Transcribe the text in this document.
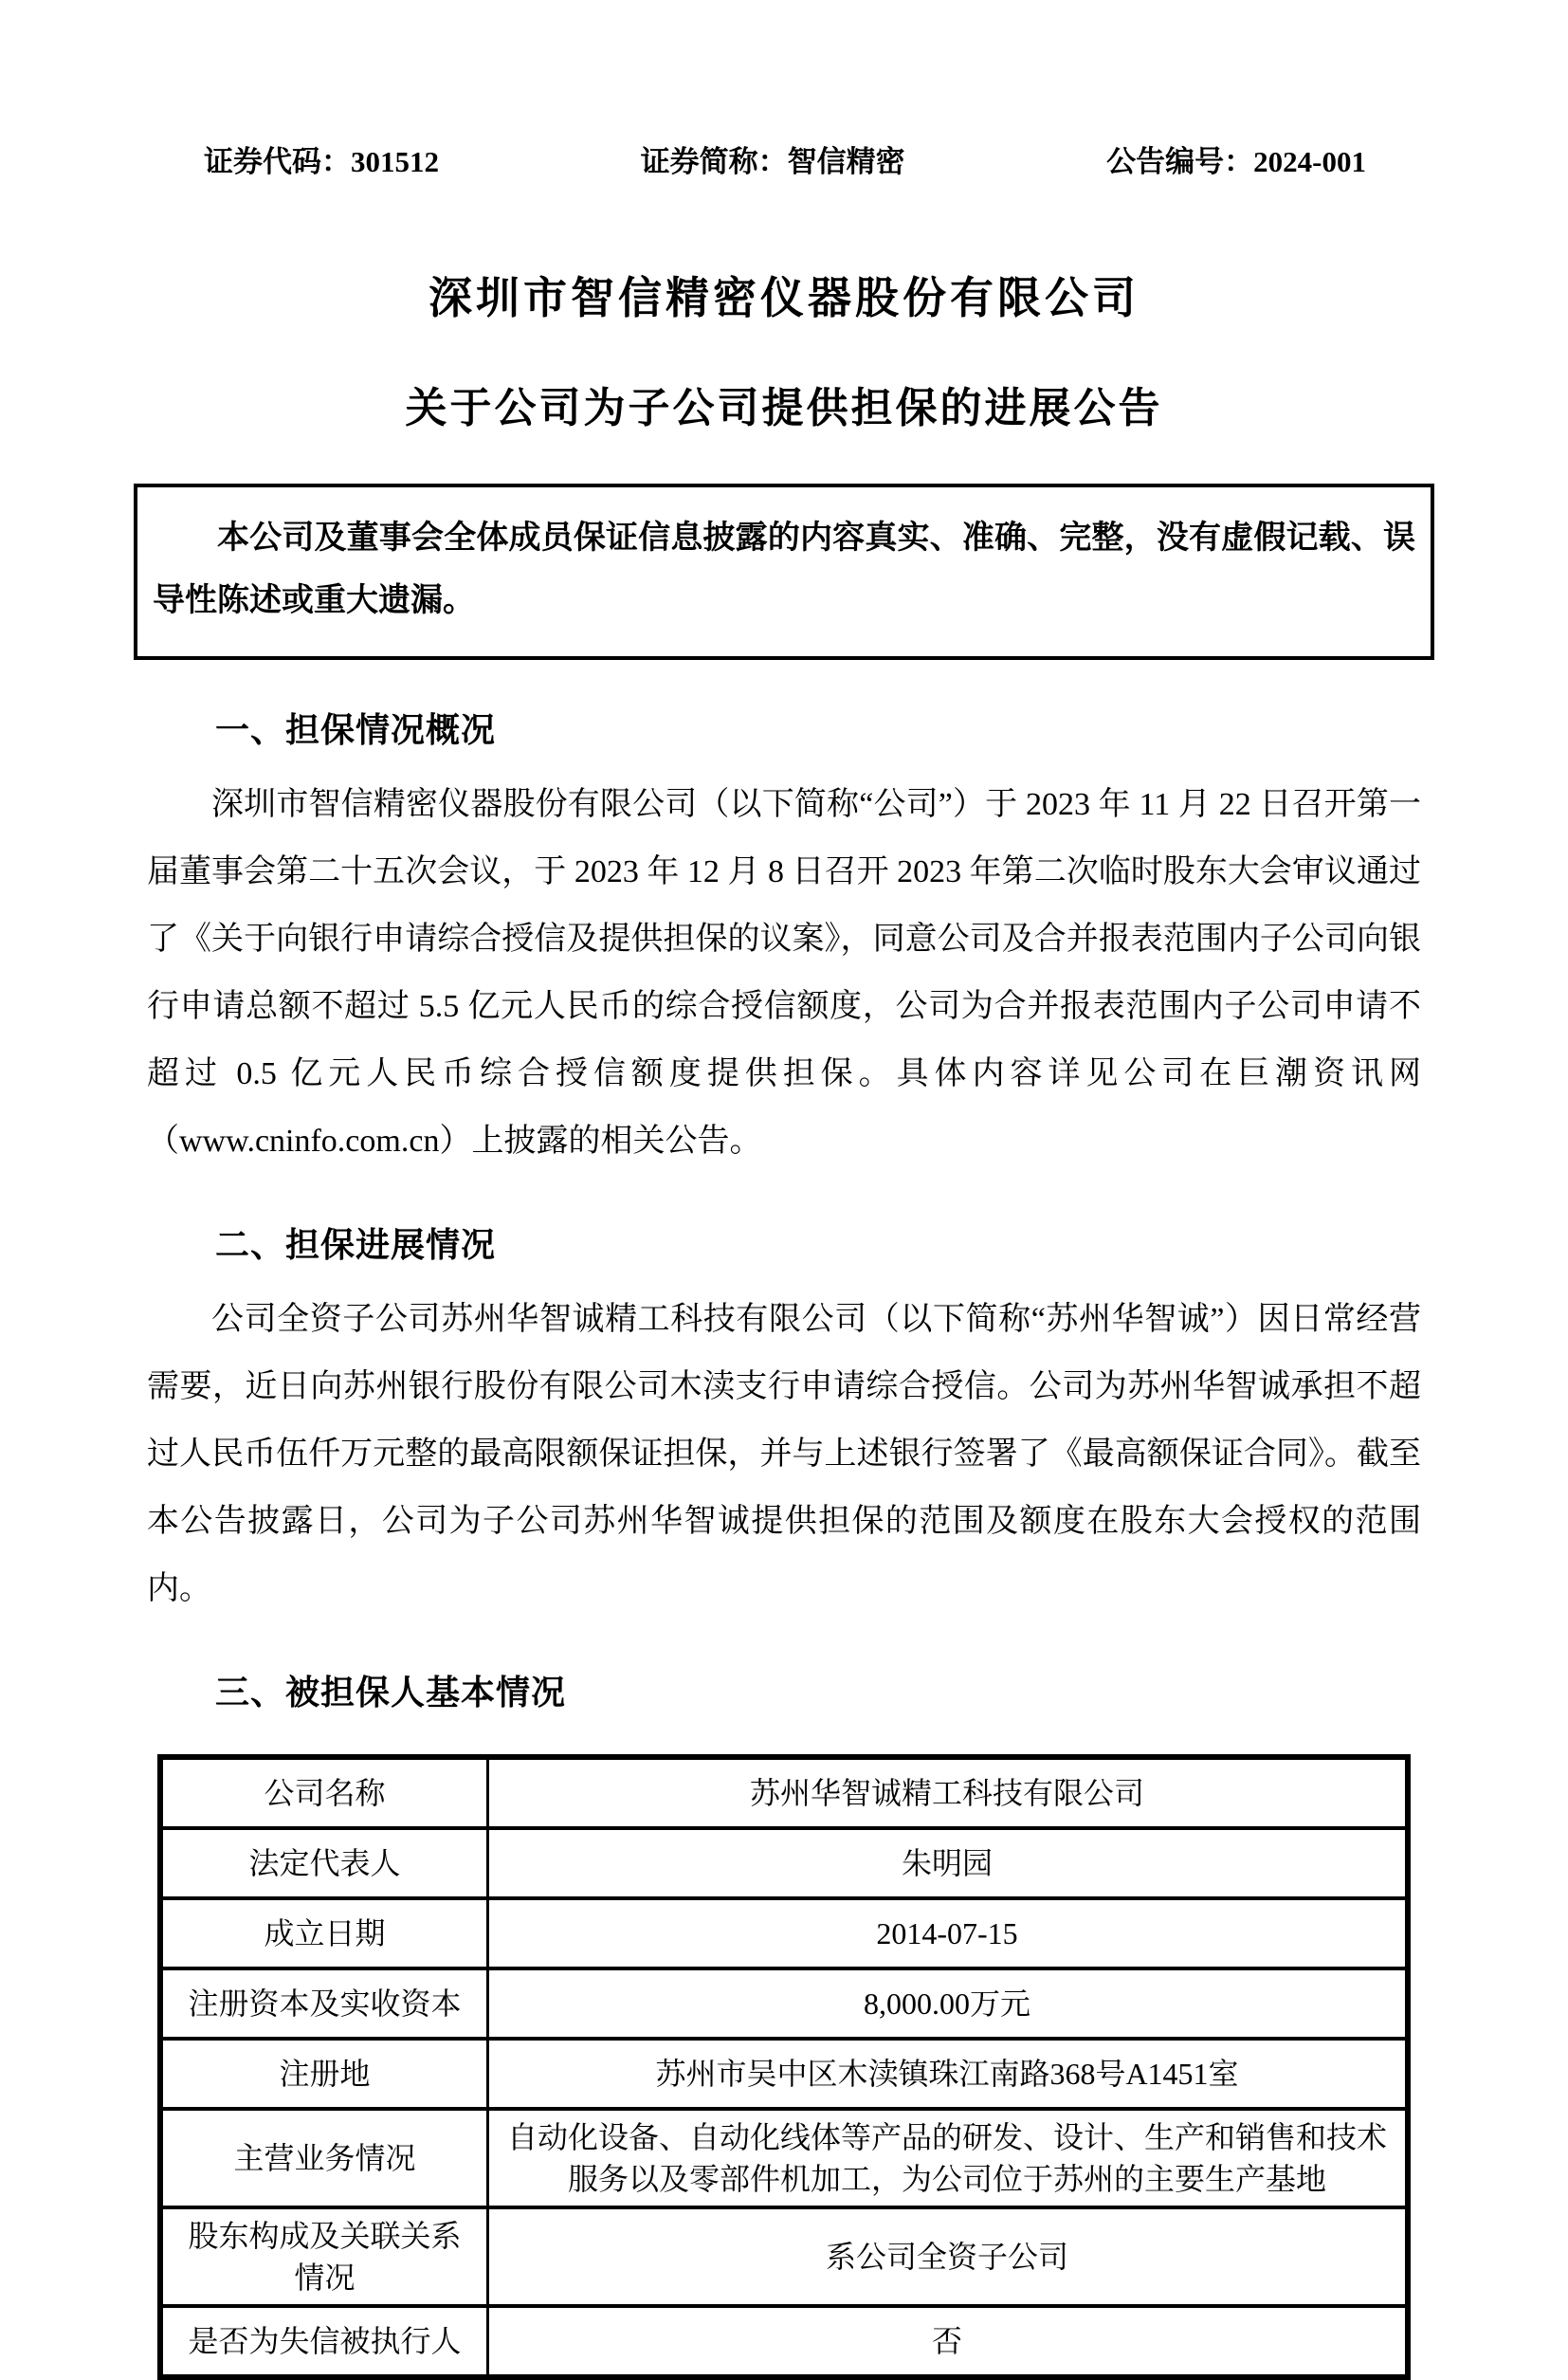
证券代码：301512	证券简称：智信精密	公告编号：2024-001
深圳市智信精密仪器股份有限公司
关于公司为子公司提供担保的进展公告
本公司及董事会全体成员保证信息披露的内容真实、准确、完整，没有虚假记载、误导性陈述或重大遗漏。
一、担保情况概况

深圳市智信精密仪器股份有限公司（以下简称“公司”）于 2023 年 11 月 22 日召开第一届董事会第二十五次会议，于 2023 年 12 月 8 日召开 2023 年第二次临时股东大会审议通过了《关于向银行申请综合授信及提供担保的议案》，同意公司及合并报表范围内子公司向银行申请总额不超过 5.5 亿元人民币的综合授信额度，公司为合并报表范围内子公司申请不超过 0.5 亿元人民币综合授信额度提供担保。具体内容详见公司在巨潮资讯网（www.cninfo.com.cn）上披露的相关公告。

二、担保进展情况

公司全资子公司苏州华智诚精工科技有限公司（以下简称“苏州华智诚”）因日常经营需要，近日向苏州银行股份有限公司木渎支行申请综合授信。公司为苏州华智诚承担不超过人民币伍仟万元整的最高限额保证担保，并与上述银行签署了《最高额保证合同》。截至本公告披露日，公司为子公司苏州华智诚提供担保的范围及额度在股东大会授权的范围内。

三、被担保人基本情况
公司名称	苏州华智诚精工科技有限公司
法定代表人	朱明园
成立日期	2014-07-15
注册资本及实收资本	8,000.00万元
注册地	苏州市吴中区木渎镇珠江南路368号A1451室
主营业务情况	自动化设备、自动化线体等产品的研发、设计、生产和销售和技术服务以及零部件机加工，为公司位于苏州的主要生产基地
股东构成及关联关系情况	系公司全资子公司
是否为失信被执行人	否
